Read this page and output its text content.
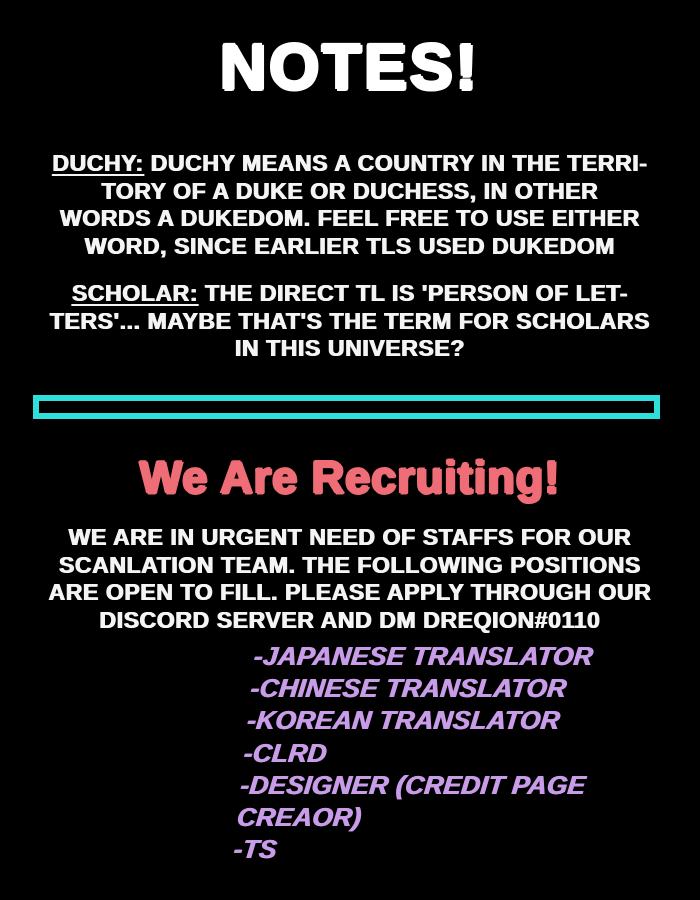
NOTES!
DUCHY: DUCHY MEANS A COUNTRY IN THE TERRI-
TORY OF A DUKE OR DUCHESS, IN OTHER
WORDS A DUKEDOM. FEEL FREE TO USE EITHER
WORD, SINCE EARLIER TLS USED DUKEDOM
SCHOLAR: THE DIRECT TL IS 'PERSON OF LET-
TERS'... MAYBE THAT'S THE TERM FOR SCHOLARS
IN THIS UNIVERSE?
We Are Recruiting!
WE ARE IN URGENT NEED OF STAFFS FOR OUR
SCANLATION TEAM. THE FOLLOWING POSITIONS
ARE OPEN TO FILL. PLEASE APPLY THROUGH OUR
DISCORD SERVER AND DM DREQION#0110
-JAPANESE TRANSLATOR
-CHINESE TRANSLATOR
-KOREAN TRANSLATOR
-CLRD
-DESIGNER (CREDIT PAGE CREAOR)
-TS
